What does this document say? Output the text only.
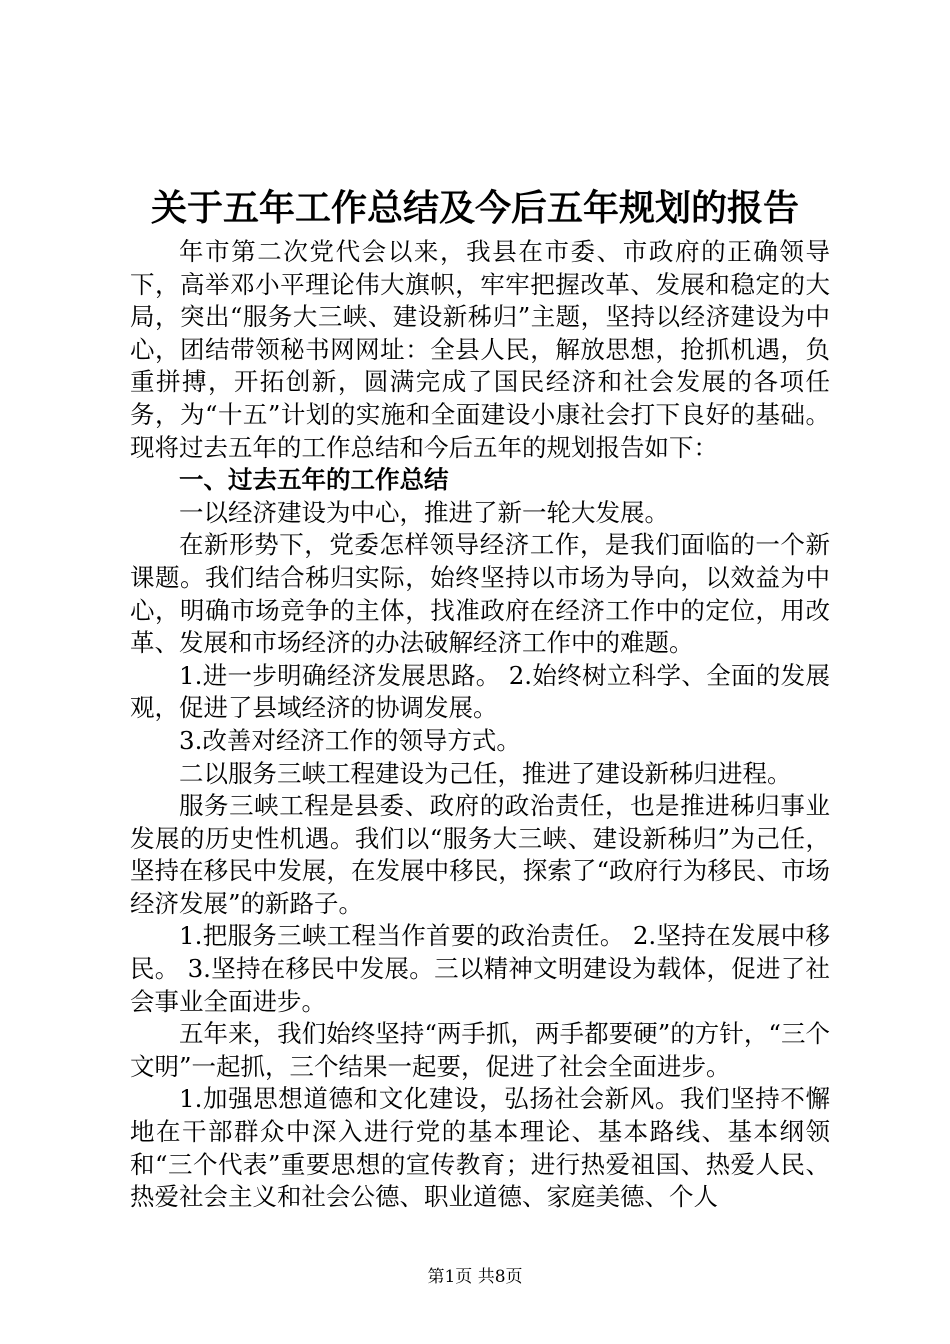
关于五年工作总结及今后五年规划的报告

年市第二次党代会以来，我县在市委、市政府的正确领导下，高举邓小平理论伟大旗帜，牢牢把握改革、发展和稳定的大局，突出“服务大三峡、建设新秭归”主题，坚持以经济建设为中心，团结带领秘书网网址：全县人民，解放思想，抢抓机遇，负重拼搏，开拓创新，圆满完成了国民经济和社会发展的各项任务，为“十五”计划的实施和全面建设小康社会打下良好的基础。现将过去五年的工作总结和今后五年的规划报告如下：

一、过去五年的工作总结

一以经济建设为中心，推进了新一轮大发展。

在新形势下，党委怎样领导经济工作，是我们面临的一个新课题。我们结合秭归实际，始终坚持以市场为导向，以效益为中心，明确市场竞争的主体，找准政府在经济工作中的定位，用改革、发展和市场经济的办法破解经济工作中的难题。

1.进一步明确经济发展思路。 2.始终树立科学、全面的发展观，促进了县域经济的协调发展。

3.改善对经济工作的领导方式。

二以服务三峡工程建设为己任，推进了建设新秭归进程。

服务三峡工程是县委、政府的政治责任，也是推进秭归事业发展的历史性机遇。我们以“服务大三峡、建设新秭归”为己任，坚持在移民中发展，在发展中移民，探索了“政府行为移民、市场经济发展”的新路子。

1.把服务三峡工程当作首要的政治责任。 2.坚持在发展中移民。 3.坚持在移民中发展。三以精神文明建设为载体，促进了社会事业全面进步。

五年来，我们始终坚持“两手抓，两手都要硬”的方针，“三个文明”一起抓，三个结果一起要，促进了社会全面进步。

1.加强思想道德和文化建设，弘扬社会新风。我们坚持不懈地在干部群众中深入进行党的基本理论、基本路线、基本纲领和“三个代表”重要思想的宣传教育；进行热爱祖国、热爱人民、热爱社会主义和社会公德、职业道德、家庭美德、个人

第1页 共8页
